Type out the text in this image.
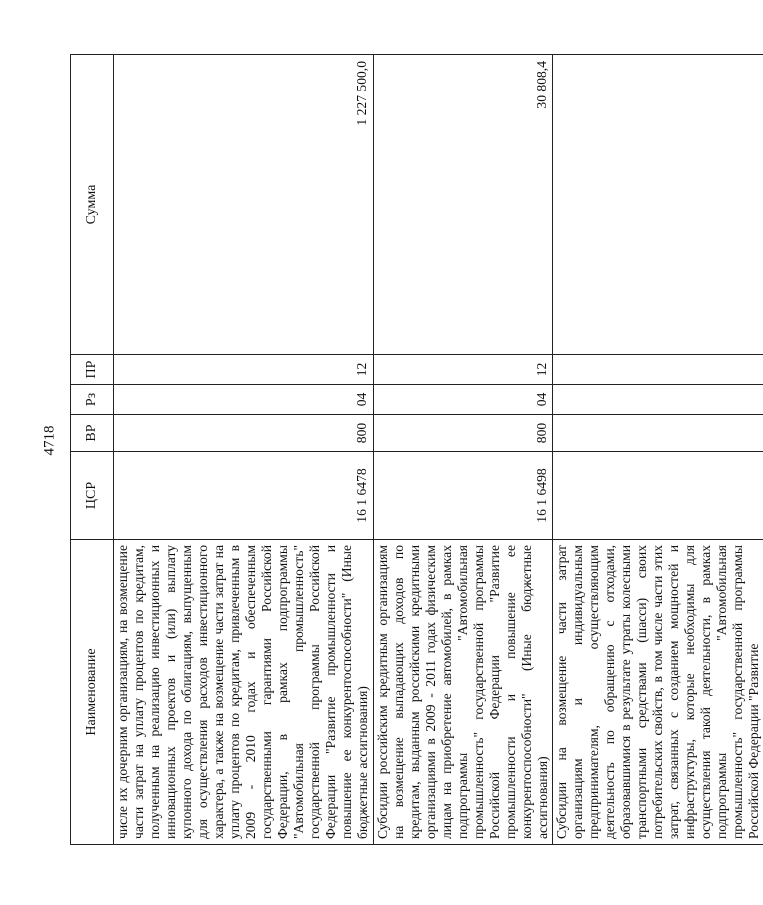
4718
Наименование	ЦСР	ВР	Рз	ПР	Сумма
числе их дочерним организациям, на возмещение части затрат на уплату процентов по кредитам, полученным на реализацию инвестиционных и инновационных проектов и (или) выплату купонного дохода по облигациям, выпущенным для осуществления расходов инвестиционного характера, а также на возмещение части затрат на уплату процентов по кредитам, привлеченным в 2009 - 2010 годах и обеспеченным государственными гарантиями Российской Федерации, в рамках подпрограммы "Автомобильная промышленность" государственной программы Российской Федерации "Развитие промышленности и повышение ее конкурентоспособности" (Иные бюджетные ассигнования)	16 1 6478	800	04	12	1 227 500,0
Субсидии российским кредитным организациям на возмещение выпадающих доходов по кредитам, выданным российскими кредитными организациями в 2009 - 2011 годах физическим лицам на приобретение автомобилей, в рамках подпрограммы "Автомобильная промышленность" государственной программы Российской Федерации "Развитие промышленности и повышение ее конкурентоспособности" (Иные бюджетные ассигнования)	16 1 6498	800	04	12	30 808,4
Субсидии на возмещение части затрат организациям и индивидуальным предпринимателям, осуществляющим деятельность по обращению с отходами, образовавшимися в результате утраты колесными транспортными средствами (шасси) своих потребительских свойств, в том числе части этих затрат, связанных с созданием мощностей и инфраструктуры, которые необходимы для осуществления такой деятельности, в рамках подпрограммы "Автомобильная промышленность" государственной программы Российской Федерации "Развитие					
